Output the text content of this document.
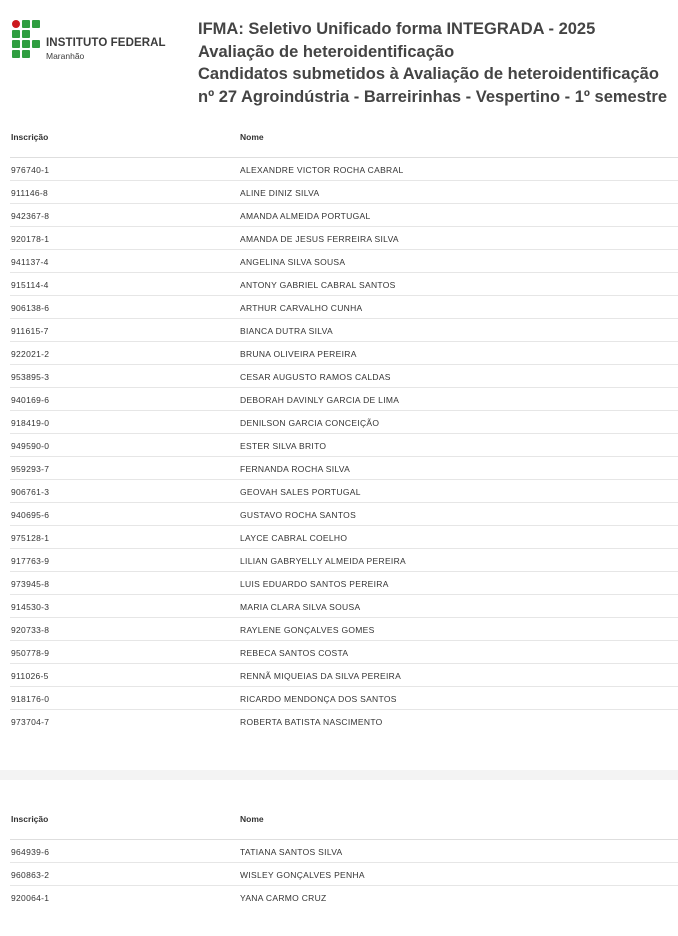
INSTITUTO FEDERAL
Maranhão
IFMA: Seletivo Unificado forma INTEGRADA - 2025
Avaliação de heteroidentificação
Candidatos submetidos à Avaliação de heteroidentificação
nº 27 Agroindústria - Barreirinhas - Vespertino - 1º semestre
Inscrição	Nome
976740-1	ALEXANDRE VICTOR ROCHA CABRAL
911146-8	ALINE DINIZ SILVA
942367-8	AMANDA ALMEIDA PORTUGAL
920178-1	AMANDA DE JESUS FERREIRA SILVA
941137-4	ANGELINA SILVA SOUSA
915114-4	ANTONY GABRIEL CABRAL SANTOS
906138-6	ARTHUR CARVALHO CUNHA
911615-7	BIANCA DUTRA SILVA
922021-2	BRUNA OLIVEIRA PEREIRA
953895-3	CESAR AUGUSTO RAMOS CALDAS
940169-6	DEBORAH DAVINLY GARCIA DE LIMA
918419-0	DENILSON GARCIA CONCEIÇÃO
949590-0	ESTER SILVA BRITO
959293-7	FERNANDA ROCHA SILVA
906761-3	GEOVAH SALES PORTUGAL
940695-6	GUSTAVO ROCHA SANTOS
975128-1	LAYCE CABRAL COELHO
917763-9	LILIAN GABRYELLY ALMEIDA PEREIRA
973945-8	LUIS EDUARDO SANTOS PEREIRA
914530-3	MARIA CLARA SILVA SOUSA
920733-8	RAYLENE GONÇALVES GOMES
950778-9	REBECA SANTOS COSTA
911026-5	RENNÃ MIQUEIAS DA SILVA PEREIRA
918176-0	RICARDO MENDONÇA DOS SANTOS
973704-7	ROBERTA BATISTA NASCIMENTO
Inscrição	Nome
964939-6	TATIANA SANTOS SILVA
960863-2	WISLEY GONÇALVES PENHA
920064-1	YANA CARMO CRUZ
